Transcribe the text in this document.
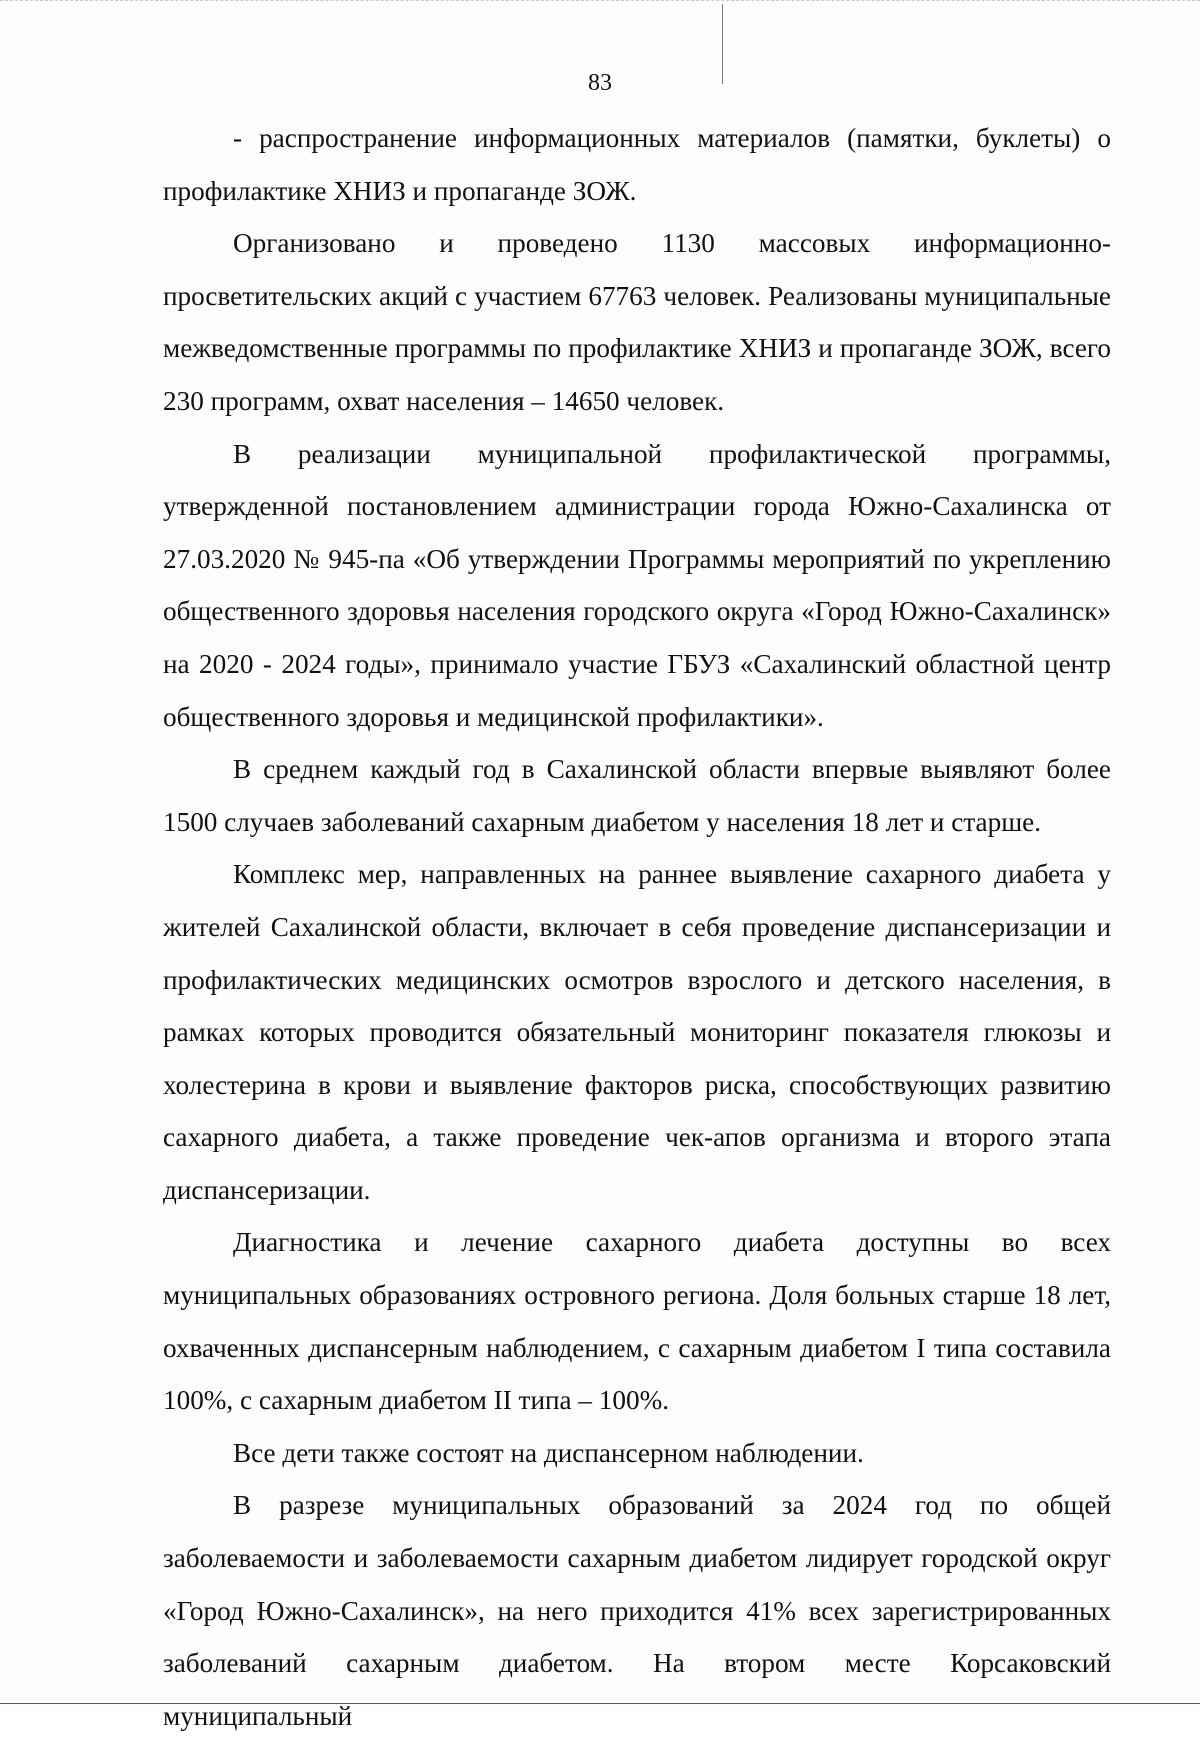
83

- распространение информационных материалов (памятки, буклеты) о профилактике ХНИЗ и пропаганде ЗОЖ.

Организовано и проведено 1130 массовых информационно-просветительских акций с участием 67763 человек. Реализованы муниципальные межведомственные программы по профилактике ХНИЗ и пропаганде ЗОЖ, всего 230 программ, охват населения – 14650 человек.

В реализации муниципальной профилактической программы, утвержденной постановлением администрации города Южно-Сахалинска от 27.03.2020 № 945-па «Об утверждении Программы мероприятий по укреплению общественного здоровья населения городского округа «Город Южно-Сахалинск» на 2020 - 2024 годы», принимало участие ГБУЗ «Сахалинский областной центр общественного здоровья и медицинской профилактики».

В среднем каждый год в Сахалинской области впервые выявляют более 1500 случаев заболеваний сахарным диабетом у населения 18 лет и старше.

Комплекс мер, направленных на раннее выявление сахарного диабета у жителей Сахалинской области, включает в себя проведение диспансеризации и профилактических медицинских осмотров взрослого и детского населения, в рамках которых проводится обязательный мониторинг показателя глюкозы и холестерина в крови и выявление факторов риска, способствующих развитию сахарного диабета, а также проведение чек-апов организма и второго этапа диспансеризации.

Диагностика и лечение сахарного диабета доступны во всех муниципальных образованиях островного региона. Доля больных старше 18 лет, охваченных диспансерным наблюдением, с сахарным диабетом I типа составила 100%, с сахарным диабетом II типа – 100%.

Все дети также состоят на диспансерном наблюдении.

В разрезе муниципальных образований за 2024 год по общей заболеваемости и заболеваемости сахарным диабетом лидирует городской округ «Город Южно-Сахалинск», на него приходится 41% всех зарегистрированных заболеваний сахарным диабетом. На втором месте Корсаковский муниципальный
